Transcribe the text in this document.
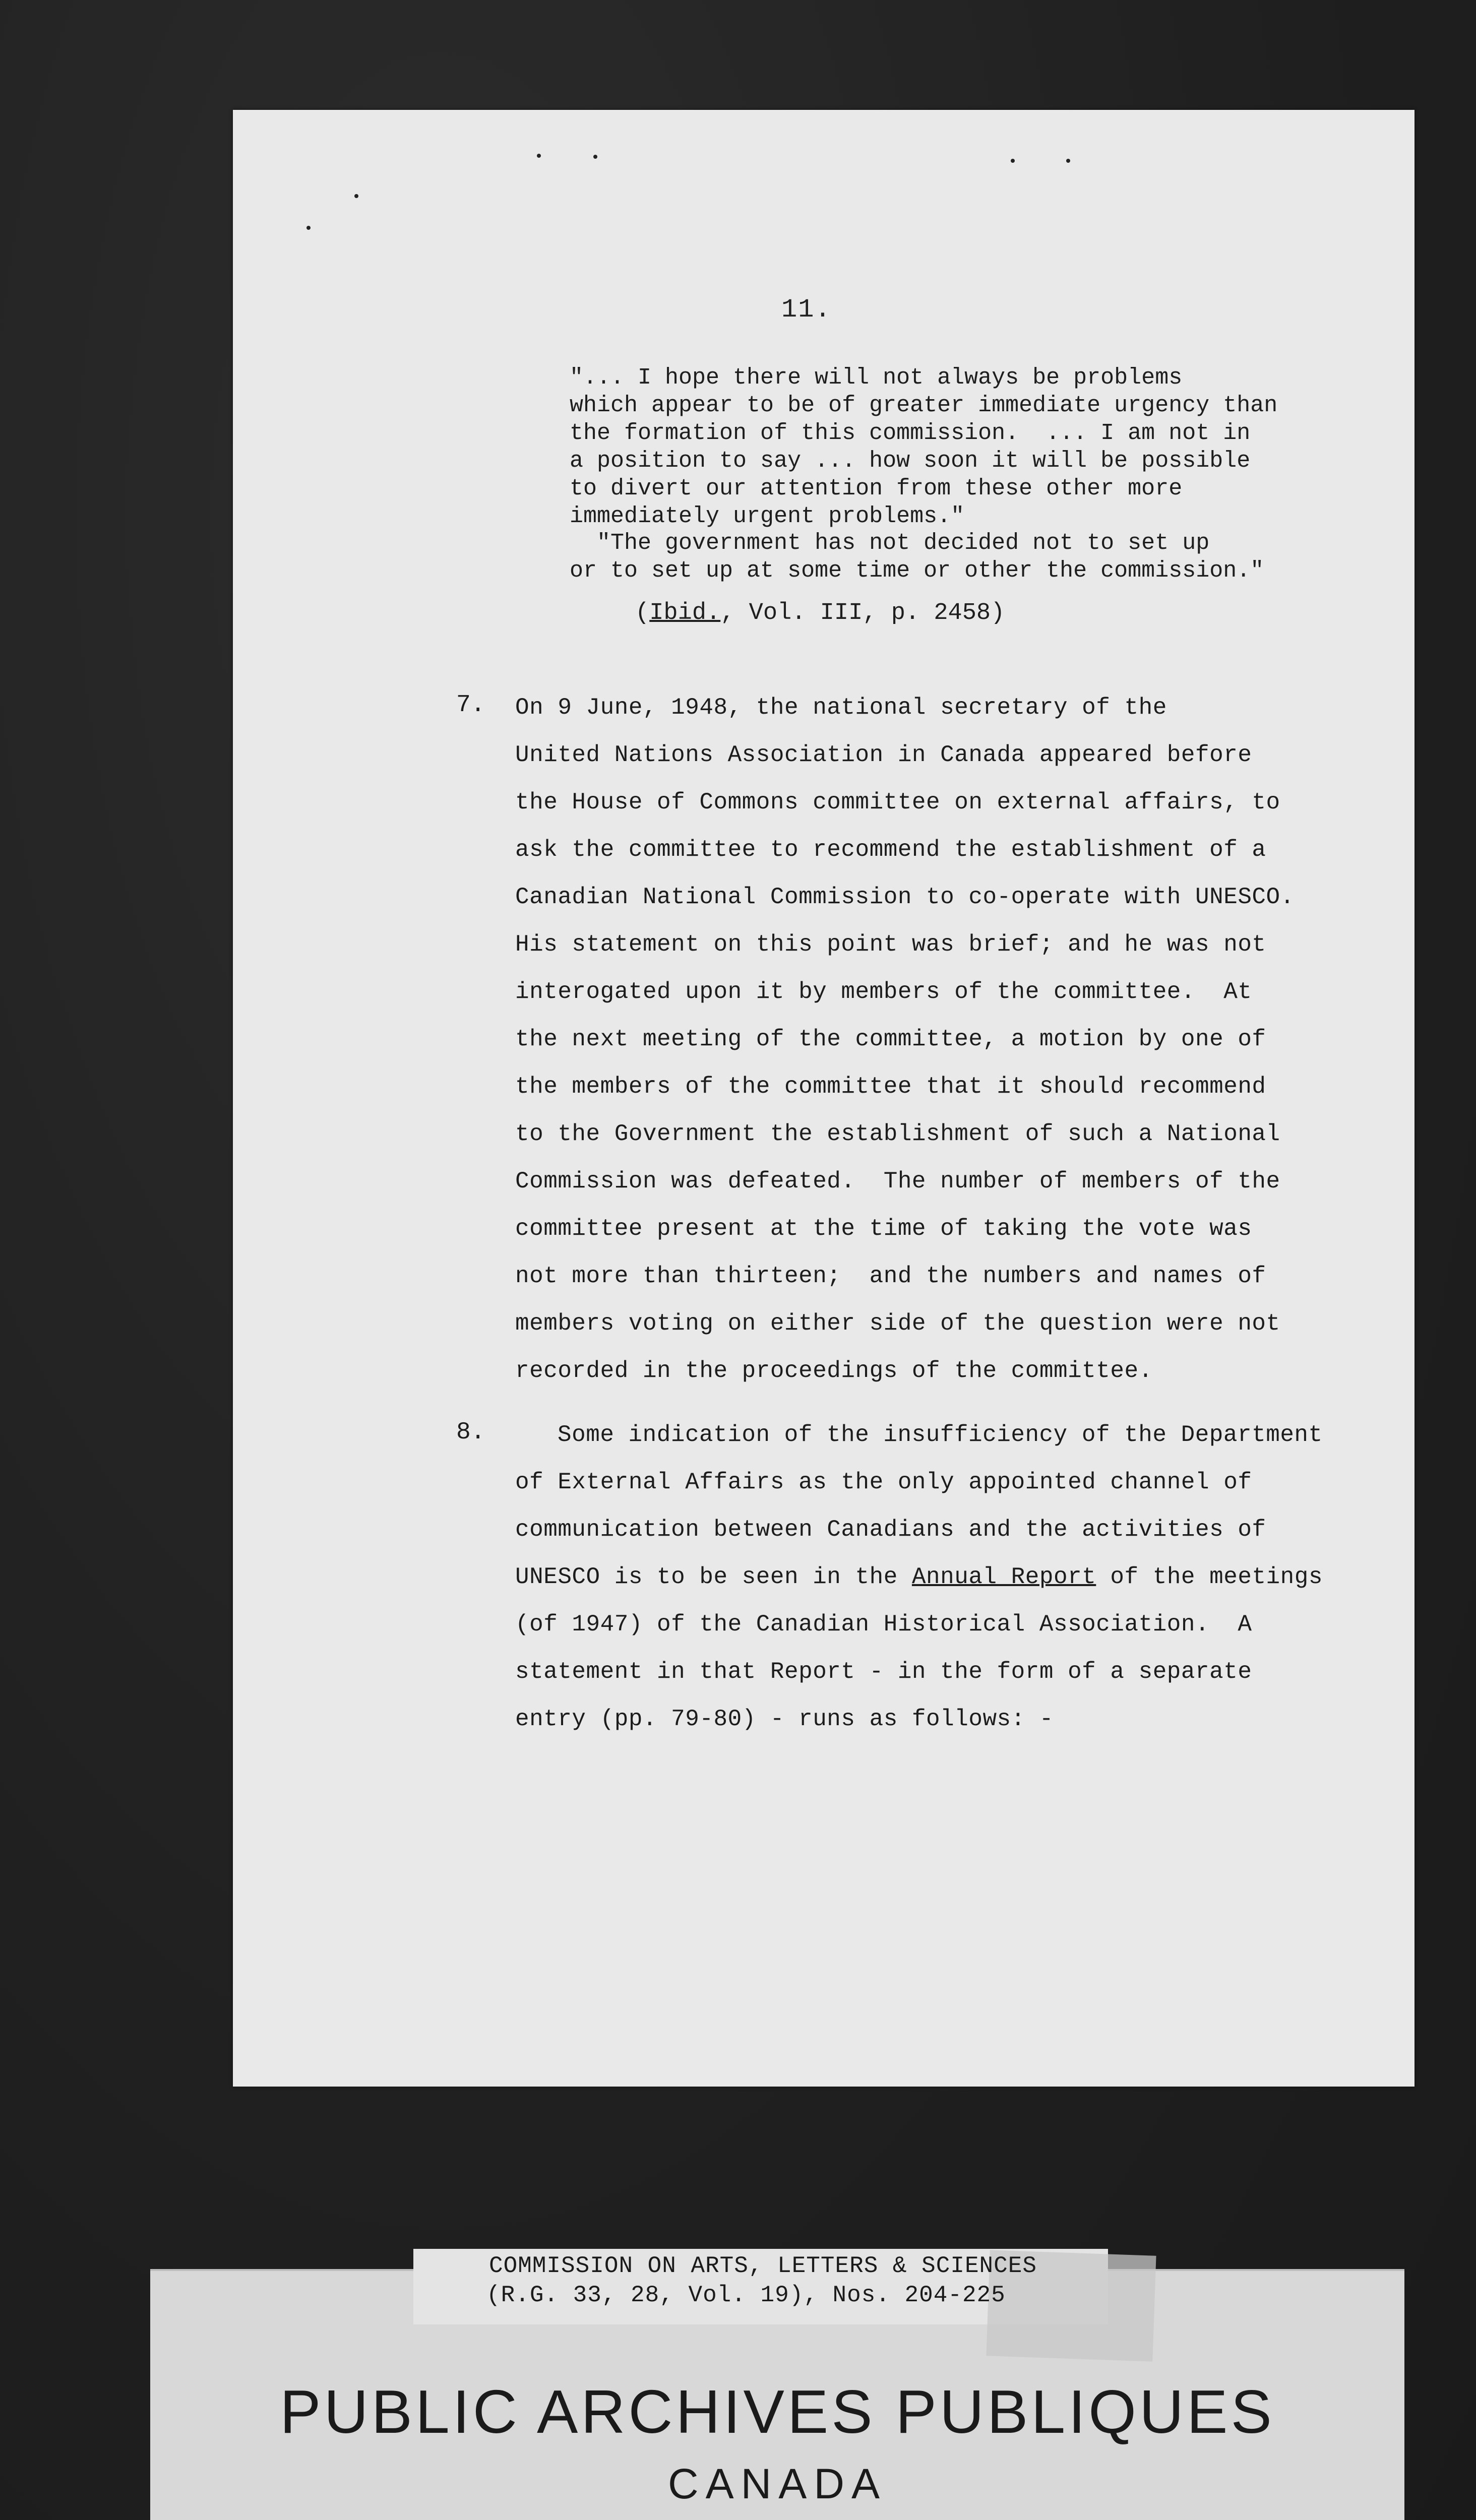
11.
"... I hope there will not always be problems
which appear to be of greater immediate urgency than
the formation of this commission.  ... I am not in
a position to say ... how soon it will be possible
to divert our attention from these other more
immediately urgent problems."
"The government has not decided not to set up
or to set up at some time or other the commission."
(Ibid., Vol. III, p. 2458)
7. On 9 June, 1948, the national secretary of the
United Nations Association in Canada appeared before
the House of Commons committee on external affairs, to
ask the committee to recommend the establishment of a
Canadian National Commission to co-operate with UNESCO.
His statement on this point was brief; and he was not
interogated upon it by members of the committee.  At
the next meeting of the committee, a motion by one of
the members of the committee that it should recommend
to the Government the establishment of such a National
Commission was defeated.  The number of members of the
committee present at the time of taking the vote was
not more than thirteen;  and the numbers and names of
members voting on either side of the question were not
recorded in the proceedings of the committee.
8.	Some indication of the insufficiency of the Department
of External Affairs as the only appointed channel of
communication between Canadians and the activities of
UNESCO is to be seen in the Annual Report of the meetings
(of 1947) of the Canadian Historical Association.  A
statement in that Report - in the form of a separate
entry (pp. 79-80) - runs as follows: -
COMMISSION ON ARTS, LETTERS & SCIENCES
(R.G. 33, 28, Vol. 19), Nos. 204-225
PUBLIC ARCHIVES PUBLIQUES
CANADA
